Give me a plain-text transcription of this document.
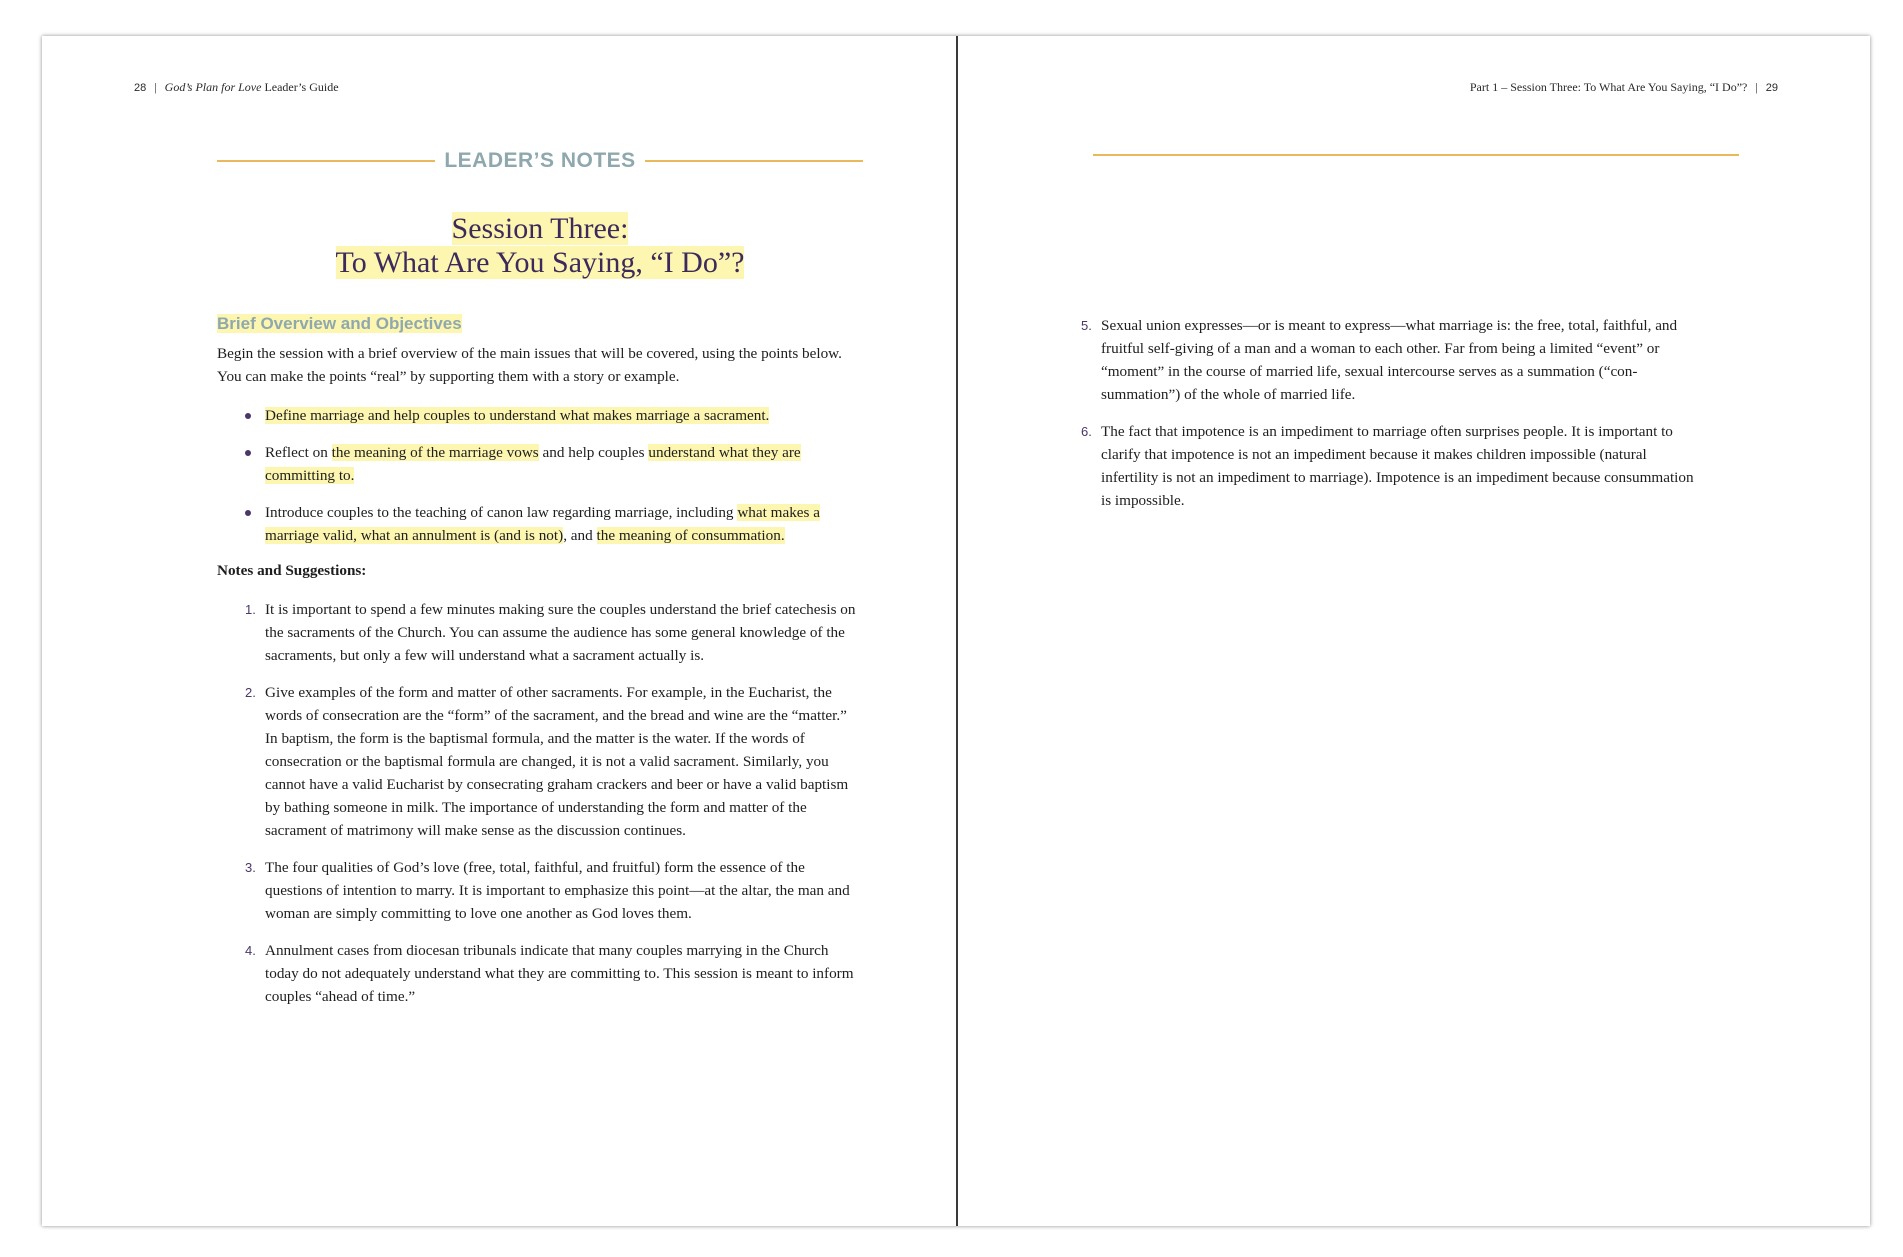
28 | God’s Plan for Love Leader’s Guide
LEADER’S NOTES
Session Three:
To What Are You Saying, “I Do”?
Brief Overview and Objectives

Begin the session with a brief overview of the main issues that will be covered, using the points below. You can make the points “real” by supporting them with a story or example.

Define marriage and help couples to understand what makes marriage a sacrament.
Reflect on the meaning of the marriage vows and help couples understand what they are committing to.
Introduce couples to the teaching of canon law regarding marriage, including what makes a marriage valid, what an annulment is (and is not), and the meaning of consummation.
Notes and Suggestions:
1. It is important to spend a few minutes making sure the couples understand the brief catechesis on the sacraments of the Church. You can assume the audience has some general knowledge of the sacraments, but only a few will understand what a sacrament actually is.
2. Give examples of the form and matter of other sacraments. For example, in the Eucharist, the words of consecration are the “form” of the sacrament, and the bread and wine are the “matter.” In baptism, the form is the baptismal formula, and the matter is the water. If the words of consecration or the baptismal formula are changed, it is not a valid sacrament. Similarly, you cannot have a valid Eucharist by consecrating graham crackers and beer or have a valid baptism by bathing someone in milk. The importance of understanding the form and matter of the sacrament of matrimony will make sense as the discussion continues.
3. The four qualities of God’s love (free, total, faithful, and fruitful) form the essence of the questions of intention to marry. It is important to emphasize this point—at the altar, the man and woman are simply committing to love one another as God loves them.
4. Annulment cases from diocesan tribunals indicate that many couples marrying in the Church today do not adequately understand what they are committing to. This session is meant to inform couples “ahead of time.”
Part 1 – Session Three: To What Are You Saying, “I Do”? | 29
5. Sexual union expresses—or is meant to express—what marriage is: the free, total, faithful, and fruitful self-giving of a man and a woman to each other. Far from being a limited “event” or “moment” in the course of married life, sexual intercourse serves as a summation (“con-summation”) of the whole of married life.
6. The fact that impotence is an impediment to marriage often surprises people. It is important to clarify that impotence is not an impediment because it makes children impossible (natural infertility is not an impediment to marriage). Impotence is an impediment because consummation is impossible.
